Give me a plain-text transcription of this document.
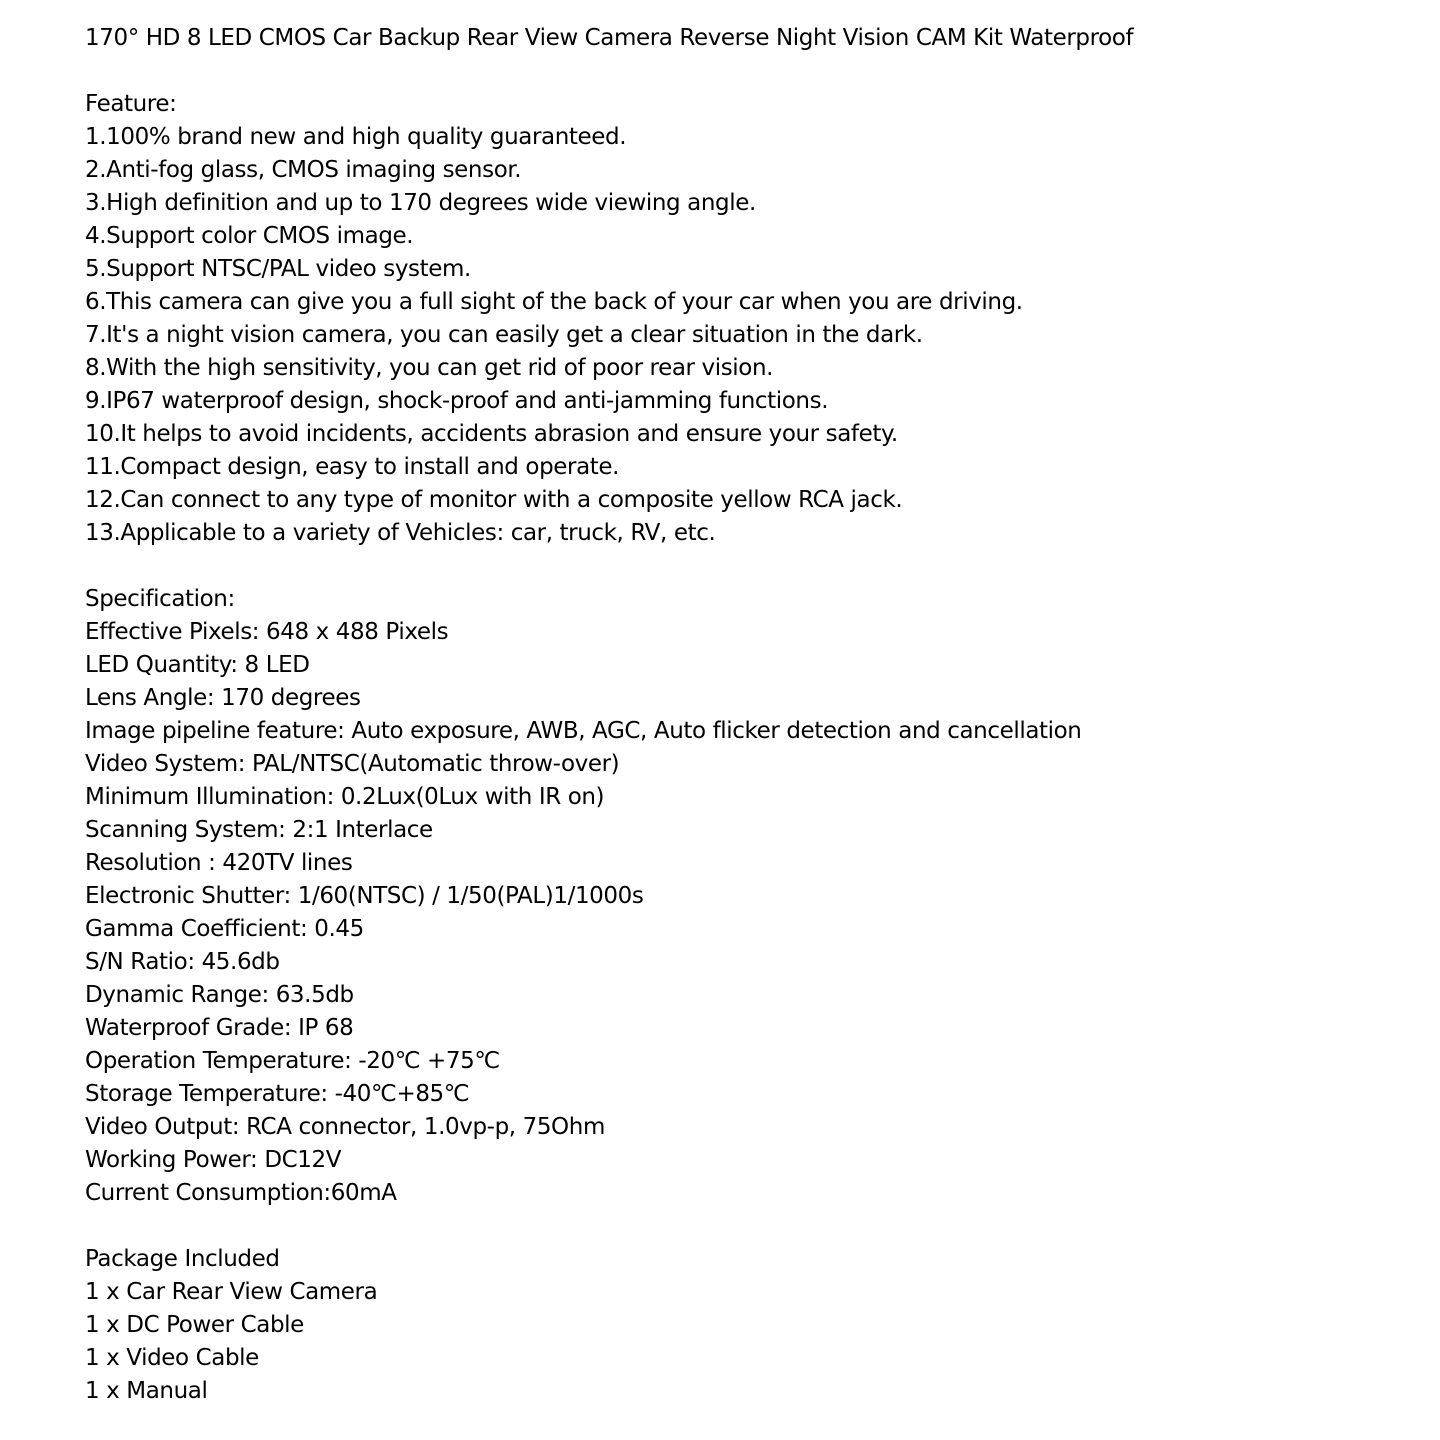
170° HD 8 LED CMOS Car Backup Rear View Camera Reverse Night Vision CAM Kit Waterproof
Feature:
1.100% brand new and high quality guaranteed.
2.Anti-fog glass, CMOS imaging sensor.
3.High definition and up to 170 degrees wide viewing angle.
4.Support color CMOS image.
5.Support NTSC/PAL video system.
6.This camera can give you a full sight of the back of your car when you are driving.
7.It's a night vision camera, you can easily get a clear situation in the dark.
8.With the high sensitivity, you can get rid of poor rear vision.
9.IP67 waterproof design, shock-proof and anti-jamming functions.
10.It helps to avoid incidents, accidents abrasion and ensure your safety.
11.Compact design, easy to install and operate.
12.Can connect to any type of monitor with a composite yellow RCA jack.
13.Applicable to a variety of Vehicles: car, truck, RV, etc.
Specification:
Effective Pixels: 648 x 488 Pixels
LED Quantity: 8 LED
Lens Angle: 170 degrees
Image pipeline feature: Auto exposure, AWB, AGC, Auto flicker detection and cancellation
Video System: PAL/NTSC(Automatic throw-over)
Minimum Illumination: 0.2Lux(0Lux with IR on)
Scanning System: 2:1 Interlace
Resolution : 420TV lines
Electronic Shutter: 1/60(NTSC) / 1/50(PAL)1/1000s
Gamma Coefficient: 0.45
S/N Ratio: 45.6db
Dynamic Range: 63.5db
Waterproof Grade: IP 68
Operation Temperature: -20℃ +75℃
Storage Temperature: -40℃+85℃
Video Output: RCA connector, 1.0vp-p, 75Ohm
Working Power: DC12V
Current Consumption:60mA
Package Included
1 x Car Rear View Camera
1 x DC Power Cable
1 x Video Cable
1 x Manual
